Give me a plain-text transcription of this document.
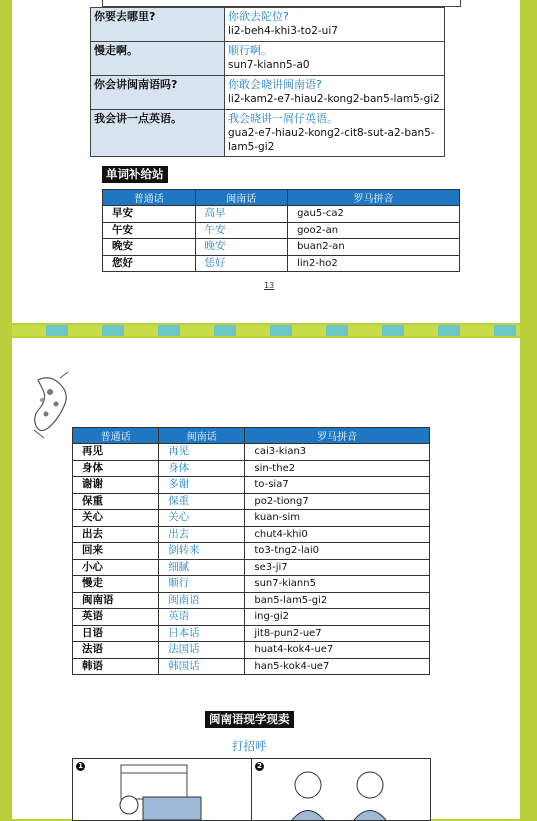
你要去哪里?	你欲去陀位?
li2-beh4-khi3-to2-ui7

慢走啊。	顺行啊。
sun7-kiann5-a0

你会讲闽南语吗?	你敢会晓讲闽南语?
li2-kam2-e7-hiau2-kong2-ban5-lam5-gi2

我会讲一点英语。	我会晓讲一屑仔英语。
gua2-e7-hiau2-kong2-cit8-sut-a2-ban5-lam5-gi2
单词补给站
普通话	闽南话	罗马拼音
早安	高早	gau5-ca2
午安	午安	goo2-an
晚安	晚安	buan2-an
您好	恁好	lin2-ho2
13
普通话	闽南话	罗马拼音
再见	再见	cai3-kian3
身体	身体	sin-the2
谢谢	多谢	to-sia7
保重	保重	po2-tiong7
关心	关心	kuan-sim
出去	出去	chut4-khi0
回来	倒转来	to3-tng2-lai0
小心	细腻	se3-ji7
慢走	顺行	sun7-kiann5
闽南语	闽南语	ban5-lam5-gi2
英语	英语	ing-gi2
日语	日本话	jit8-pun2-ue7
法语	法国话	huat4-kok4-ue7
韩语	韩国话	han5-kok4-ue7
闽南语现学现卖
打招呼
1	2
